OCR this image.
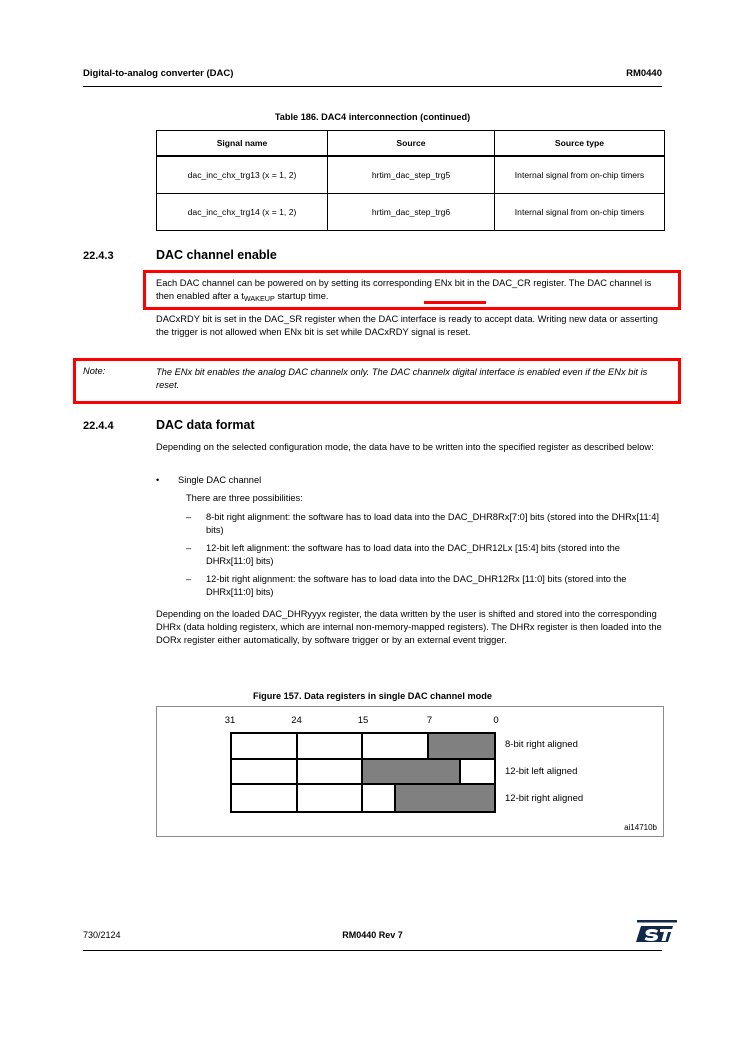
Digital-to-analog converter (DAC)	RM0440
Table 186. DAC4 interconnection (continued)
Signal name	Source	Source type
dac_inc_chx_trg13 (x = 1, 2)	hrtim_dac_step_trg5	Internal signal from on-chip timers
dac_inc_chx_trg14 (x = 1, 2)	hrtim_dac_step_trg6	Internal signal from on-chip timers
22.4.3	DAC channel enable
Each DAC channel can be powered on by setting its corresponding ENx bit in the DAC_CR register. The DAC channel is then enabled after a $t_{WAKEUP}$ startup time.
DACxRDY bit is set in the DAC_SR register when the DAC interface is ready to accept data. Writing new data or asserting the trigger is not allowed when ENx bit is set while DACxRDY signal is reset.
Note:	The ENx bit enables the analog DAC channelx only. The DAC channelx digital interface is enabled even if the ENx bit is reset.
22.4.4	DAC data format
Depending on the selected configuration mode, the data have to be written into the specified register as described below:
•	Single DAC channel
There are three possibilities:
–	8-bit right alignment: the software has to load data into the DAC_DHR8Rx[7:0] bits (stored into the DHRx[11:4] bits)
–	12-bit left alignment: the software has to load data into the DAC_DHR12Lx [15:4] bits (stored into the DHRx[11:0] bits)
–	12-bit right alignment: the software has to load data into the DAC_DHR12Rx [11:0] bits (stored into the DHRx[11:0] bits)
Depending on the loaded DAC_DHRyyyx register, the data written by the user is shifted and stored into the corresponding DHRx (data holding registerx, which are internal non-memory-mapped registers). The DHRx register is then loaded into the DORx register either automatically, by software trigger or by an external event trigger.
Figure 157. Data registers in single DAC channel mode
31	24	15	7	0
8-bit right aligned
12-bit left aligned
12-bit right aligned
ai14710b
730/2124	RM0440 Rev 7
